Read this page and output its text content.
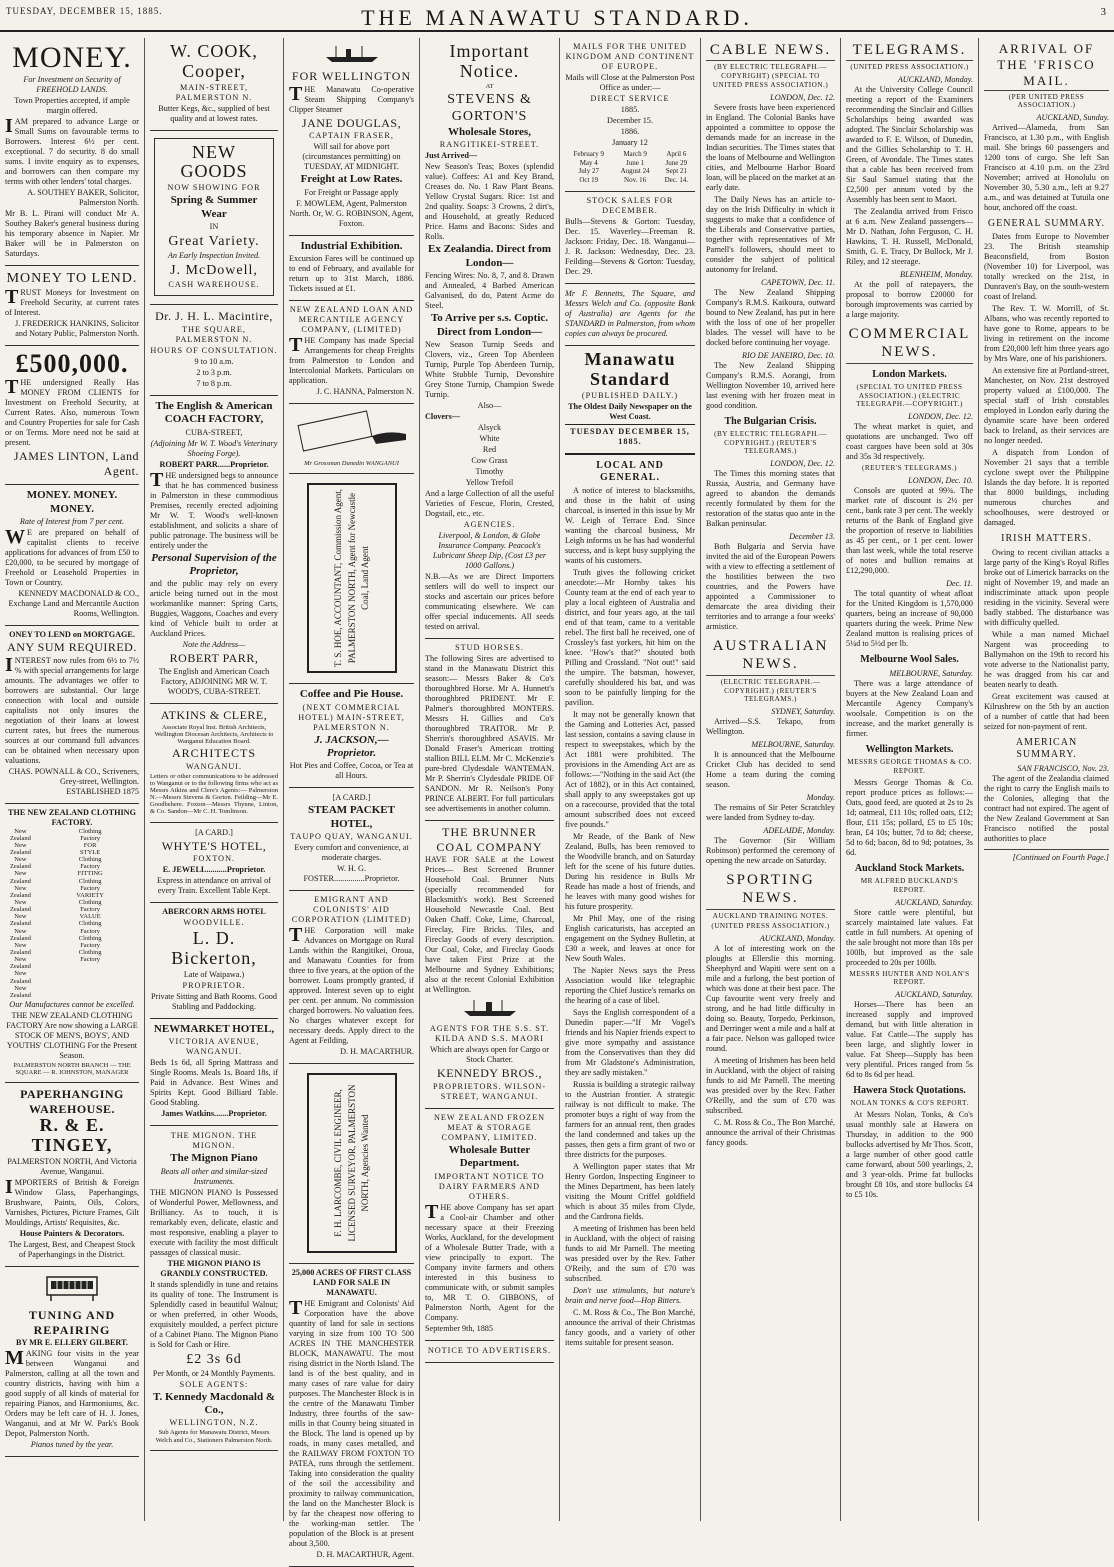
TUESDAY, DECEMBER 15, 1885.	THE MANAWATU STANDARD.	3
MONEY.

For Investment on Security of FREEHOLD LANDS.

Town Properties accepted, if ample margin offered.

IAM prepared to advance Large or Small Sums on favourable terms to Borrowers. Interest 6½ per cent. exceptional. 7 do security. 8 do small sums. I invite enquiry as to expenses, and borrowers can then compare my terms with other lenders' total charges.

A. SOUTHEY BAKER, Solicitor, Palmerston North.

Mr B. L. Pirani will conduct Mr A. Southey Baker's general business during his temporary absence in Napier. Mr Baker will be in Palmerston on Saturdays.

MONEY TO LEND.

TRUST Moneys for Investment on Freehold Security, at current rates of Interest.

J. FREDERICK HANKINS, Solicitor and Notary Public, Palmerston North.

£500,000.

THE undersigned Really Has MONEY FROM CLIENTS for Investment on Freehold Security, at Current Rates. Also, numerous Town and Country Properties for sale for Cash or on Terms. More need not be said at present.

JAMES LINTON, Land Agent.

MONEY. MONEY. MONEY.

Rate of Interest from 7 per cent.

WE are prepared on behalf of capitalist clients to receive applications for advances of from £50 to £20,000, to be secured by mortgage of Freehold or Leasehold Properties in Town or Country.

KENNEDY MACDONALD & CO., Exchange Land and Mercantile Auction Rooms, Wellington.

ONEY TO LEND on MORTGAGE.
ANY SUM REQUIRED.

INTEREST now rules from 6½ to 7½ % with special arrangements for large amounts. The advantages we offer to borrowers are substantial. Our large connection with local and outside capitalists not only insures the negotiation of their loans at lowest current rates, but frees the numerous sources at our command full advances can be obtained when necessary upon valuations.

CHAS. POWNALL & CO., Scriveners, Grey-street, Wellington. ESTABLISHED 1875

THE NEW ZEALAND CLOTHING FACTORY.
New Zealand
New Zealand
New Zealand
New Zealand
New Zealand
New Zealand
New Zealand
New Zealand
New Zealand
New Zealand
New Zealand
New Zealand
Clothing Factory
FOR
STYLE
Clothing Factory
FITTING
Clothing Factory
VARIETY
Clothing Factory
VALUE
Clothing Factory
Clothing Factory
Clothing Factory

Our Manufactures cannot be excelled.

THE NEW ZEALAND CLOTHING FACTORY Are now showing a LARGE STOCK OF MEN'S, BOYS', AND YOUTHS' CLOTHING For the Present Season.

PALMERSTON NORTH BRANCH — THE SQUARE — R. JOHNSTON, MANAGER

PAPERHANGING WAREHOUSE.
R. & E. TINGEY,

PALMERSTON NORTH, And Victoria Avenue, Wanganui.

IMPORTERS of British & Foreign Window Glass, Paperhangings, Brushware, Paints, Oils, Colors, Varnishes, Pictures, Picture Frames, Gilt Mouldings, Artists' Requisites, &c.

House Painters & Decorators.

The Largest, Best, and Cheapest Stock of Paperhangings in the District.

TUNING AND REPAIRING

BY MR E. ELLERY GILBERT.

MAKING four visits in the year between Wanganui and Palmerston, calling at all the town and country districts, having with him a good supply of all kinds of material for repairing Pianos, and Harmoniums, &c. Orders may be left care of H. J. Jones, Wanganui, and at Mr W. Park's Book Depot, Palmerston North.

Pianos tuned by the year.

W. COOK,
Cooper,

MAIN-STREET, PALMERSTON N.

Butter Kegs, &c., supplied of best quality and at lowest rates.

NEW GOODS

NOW SHOWING FOR

Spring & Summer Wear

IN

Great Variety.

An Early Inspection Invited.

J. McDowell,

CASH WAREHOUSE.

Dr. J. H. L. Macintire,

THE SQUARE, PALMERSTON N.

HOURS OF CONSULTATION.

9 to 10 a.m.

2 to 3 p.m.

7 to 8 p.m.

The English & American COACH FACTORY,

CUBA-STREET,

(Adjoining Mr W. T. Wood's Veterinary Shoeing Forge).

ROBERT PARR......Proprietor.

THE undersigned begs to announce that he has commenced business in Palmerston in these commodious Premises, recently erected adjoining Mr W. T. Wood's well-known establishment, and solicits a share of public patronage. The business will be entirely under the

Personal Supervision of the Proprietor,

and the public may rely on every article being turned out in the most workmanlike manner: Spring Carts, Buggies, Waggons, Coaches and every kind of Vehicle built to order at Auckland Prices.

Note the Address—

ROBERT PARR,

The English and American Coach Factory, ADJOINING MR W. T. WOOD'S, CUBA-STREET.

ATKINS & CLERE,

Associate Royal Inst. British Architects, Wellington Diocesan Architects, Architects to Wanganui Education Board.

ARCHITECTS

WANGANUI.

Letters or other communications to be addressed to Wanganui or to the following firms who act as Messrs Atkins and Clere's Agents:— Palmerston N.—Messrs Stevens & Gorton. Feilding—Mr E. Goodbehere. Foxton—Messrs Thynne, Linton, & Co. Sandon—Mr C. H. Tomlinson.

[A CARD.]

WHYTE'S HOTEL,

FOXTON.

E. JEWELL..........Proprietor.

Express in attendance on arrival of every Train. Excellent Table Kept.

ABERCORN ARMS HOTEL

WOODVILLE.

L. D. Bickerton,

Late of Waipawa.)

PROPRIETOR.

Private Sitting and Bath Rooms. Good Stabling and Paddocking.

NEWMARKET HOTEL,

VICTORIA AVENUE, WANGANUI.

Beds 1s 6d, all Spring Mattrass and Single Rooms. Meals 1s. Board 18s, if Paid in Advance. Best Wines and Spirits Kept. Good Billiard Table. Good Stabling.

James Watkins.......Proprietor.

THE MIGNON. THE MIGNON.

The Mignon Piano

Beats all other and similar-sized Instruments.

THE MIGNON PIANO Is Possessed of Wonderful Power, Mellowness, and Brilliancy. As to touch, it is remarkably even, delicate, elastic and most responsive, enabling a player to execute with facility the most difficult passages of classical music.

THE MIGNON PIANO IS GRANDLY CONSTRUCTED.

It stands splendidly in tune and retains its quality of tone. The Instrument is Splendidly cased in beautiful Walnut; or when preferred, in other Woods, exquisitely moulded, a perfect picture of a Cabinet Piano. The Mignon Piano is Sold for Cash or Hire.

£2 3s 6d

Per Month, or 24 Monthly Payments.

SOLE AGENTS:

T. Kennedy Macdonald & Co.,

WELLINGTON, N.Z.

Sub Agents for Manawatu District, Messrs Welch and Co., Stationers Palmerston North.

FOR WELLINGTON

THE Manawatu Co-operative Steam Shipping Company's Clipper Steamer

JANE DOUGLAS,

CAPTAIN FRASER,

Will sail for above port (circumstances permitting) on TUESDAY, AT MIDNIGHT.

Freight at Low Rates.

For Freight or Passage apply

F. MOWLEM, Agent, Palmerston North. Or, W. G. ROBINSON, Agent, Foxton.

Industrial Exhibition.

Excursion Fares will be continued up to end of February, and available for return up to 31st March, 1886. Tickets issued at £1.

NEW ZEALAND LOAN AND MERCANTILE AGENCY COMPANY, (LIMITED)

THE Company has made Special Arrangements for cheap Freights from Palmerston to London and Intercolonial Markets. Particulars on application.

J. C. HANNA, Palmerston N.

Mr Grossman Dunedin WANGANUI

T. S. HOE, ACCOUNTANT, Commission Agent, PALMERSTON NORTH, Agent for Newcastle Coal, Land Agent
Coffee and Pie House.

(NEXT COMMERCIAL HOTEL) MAIN-STREET, PALMERSTON N.

J. JACKSON,— Proprietor.

Hot Pies and Coffee, Cocoa, or Tea at all Hours.

[A CARD.]

STEAM PACKET HOTEL,

TAUPO QUAY, WANGANUI.

Every comfort and convenience, at moderate charges.

W. H. G. FOSTER...............Proprietor.

EMIGRANT AND COLONISTS' AID CORPORATION (LIMITED)

THE Corporation will make Advances on Mortgage on Rural Lands within the Rangitikei, Oroua, and Manawatu Counties for from three to five years, at the option of the borrower. Loans promptly granted, if approved. Interest seven up to eight per cent. per annum. No commission charged borrowers. No valuation fees. No charges whatever except for necessary deeds. Apply direct to the Agent at Feilding,

D. H. MACARTHUR.

F. H. LARCOMBE, CIVIL ENGINEER, LICENSED SURVEYOR, PALMERSTON NORTH, Agencies Wanted
25,000 ACRES OF FIRST CLASS LAND FOR SALE IN MANAWATU.

THE Emigrant and Colonists' Aid Corporation have the above quantity of land for sale in sections varying in size from 100 TO 500 ACRES IN THE MANCHESTER BLOCK, MANAWATU. The most rising district in the North Island. The land is of the best quality, and in many cases of rare value for dairy purposes. The Manchester Block is in the centre of the Manawatu Timber Industry, three fourths of the saw-mills in that County being situated in the Block. The land is opened up by roads, in many cases metalled, and the RAILWAY FROM FOXTON TO PATEA, runs through the settlement. Taking into consideration the quality of the soil the accessibility and proximity to railway communication, the land on the Manchester Block is by far the cheapest now offering to the working-man settler. The population of the Block is at present about 3,500.

D. H. MACARTHUR, Agent.

Important Notice.

AT

STEVENS & GORTON'S

Wholesale Stores,

RANGITIKEI-STREET.

Just Arrived—

New Season's Teas; Boxes (splendid value). Coffees: A1 and Key Brand, Creases do. No. 1 Raw Plant Beans. Yellow Crystal Sugars. Rice: 1st and 2nd quality. Soaps: 3 Crowns, 2 dirt's, and Household, at greatly Reduced Price. Hams and Bacons: Sides and Rolls.

Ex Zealandia. Direct from London—

Fencing Wires: No. 8, 7, and 8. Drawn and Annealed, 4 Barbed American Galvanised, do do, Patent Acme do Steel.

To Arrive per s.s. Coptic. Direct from London—

New Season Turnip Seeds and Clovers, viz., Green Top Aberdeen Turnip, Purple Top Aberdeen Turnip, White Stubble Turnip, Devonshire Grey Stone Turnip, Champion Swede Turnip.

Also—

Clovers—

Alsyck

White

Red

Cow Grass

Timothy

Yellow Trefoil

And a large Collection of all the useful Varieties of Fescue, Florin, Crested, Dogstail, etc., etc.

AGENCIES.

Liverpool, & London, & Globe Insurance Company. Peacock's Lubricant Sheep Dip, (Cost £3 per 1000 Gallons.)

N.B.—As we are Direct Importers settlers will do well to inspect our stocks and ascertain our prices before communicating elsewhere. We can offer special inducements. All seeds tested on arrival.

STUD HORSES.

The following Sires are advertised to stand in the Manawatu District this season:— Messrs Baker & Co's thoroughbred Horse. Mr A. Hunnett's thoroughbred PRIDENT. Mr F. Palmer's thoroughbred MONTERS. Messrs H. Gillies and Co's thoroughbred TRAITOR. Mr P. Sherrin's thoroughbred ASAVIS. Mr Donald Fraser's American trotting stallion BILL ELM. Mr C. McKenzie's pure-bred Clydesdale WANTEMAN. Mr P. Sherrin's Clydesdale PRIDE OF SANDON. Mr R. Neilson's Pony PRINCE ALBERT. For full particulars see advertisements in another column.

THE BRUNNER COAL COMPANY

HAVE FOR SALE at the Lowest Prices— Best Screened Brunner Household Coal. Brunner Nuts (specially recommended for Blacksmith's work). Best Screened Household Newcastle Coal. Best Oaken Chaff. Coke, Lime, Charcoal, Fireclay, Fire Bricks. Tiles, and Fireclay Goods of every description. Our Coal, Coke, and Fireclay Goods have taken First Prize at the Melbourne and Sydney Exhibitions; also at the recent Colonial Exhibition at Wellington.

AGENTS FOR THE S.S. ST. KILDA AND S.S. MAORI

Which are always open for Cargo or Stock Charter.

KENNEDY BROS.,

PROPRIETORS. WILSON-STREET, WANGANUI.

NEW ZEALAND FROZEN MEAT & STORAGE COMPANY, LIMITED.

Wholesale Butter Department.

IMPORTANT NOTICE TO DAIRY FARMERS AND OTHERS.

THE above Company has set apart a Cool-air Chamber and other necessary space at their Freezing Works, Auckland, for the development of a Wholesale Butter Trade, with a view principally to export. The Company invite farmers and others interested in this business to communicate with, or submit samples to, MR T. O. GIBBONS, of Palmerston North, Agent for the Company.

September 9th, 1885

NOTICE TO ADVERTISERS.

MAILS FOR THE UNITED KINGDOM AND CONTINENT OF EUROPE.

Mails will Close at the Palmerston Post Office as under:—

DIRECT SERVICE

1885.

December 15.

1886.

January 12

February 9	March 9	April 6
May 4	June 1	June 29
July 27	August 24	Sept 21
Oct 19	Nov. 16	Dec. 14.
STOCK SALES FOR DECEMBER.

Bulls—Stevens & Gorton: Tuesday, Dec. 15. Waverley—Freeman R. Jackson: Friday, Dec. 18. Wanganui—J. R. Jackson: Wednesday, Dec. 23. Feilding—Stevens & Gorton: Tuesday, Dec. 29.

Mr F. Bennetts, The Square, and Messrs Welch and Co. (opposite Bank of Australia) are Agents for the STANDARD in Palmerston, from whom copies can always be procured.

Manawatu Standard

(PUBLISHED DAILY.)

The Oldest Daily Newspaper on the West Coast.

TUESDAY DECEMBER 15, 1885.

LOCAL AND GENERAL.

A notice of interest to blacksmiths, and those in the habit of using charcoal, is inserted in this issue by Mr W. Leigh of Terrace End. Since wanting the charcoal business, Mr Leigh informs us he has had wonderful success, and is kept busy supplying the wants of his customers.

Truth gives the following cricket anecdote:—Mr Hornby takes his County team at the end of each year to play a local eighteen of Australia and district, and four years ago, at the tail end of that team, came to a veritable rebel. The first ball he received, one of Crossley's fast yorkers, hit him on the knee. "How's that?" shouted both Pilling and Crossland. "Not out!" said the umpire. The batsman, however, carefully shouldered his bat, and was soon to be painfully limping for the pavilion.

It may not be generally known that the Gaming and Lotteries Act, passed last session, contains a saving clause in respect to sweepstakes, which by the Act 1881 were prohibited. The provisions in the Amending Act are as follows:—"Nothing in the said Act (the Act of 1882), or in this Act contained, shall apply to any sweepstakes got up on a racecourse, provided that the total amount subscribed does not exceed five pounds."

Mr Reade, of the Bank of New Zealand, Bulls, has been removed to the Woodville branch, and on Saturday left for the scene of his future duties. During his residence in Bulls Mr Reade has made a host of friends, and he leaves with many good wishes for his future prosperity.

Mr Phil May, one of the rising English caricaturists, has accepted an engagement on the Sydney Bulletin, at £30 a week, and leaves at once for New South Wales.

The Napier News says the Press Association would like telegraphic reporting the Chief Justice's remarks on the hearing of a case of libel.

Says the English correspondent of a Dunedin paper:—"If Mr Vogel's friends and his Napier friends expect to give more sympathy and assistance from the Conservatives than they did from Mr Gladstone's Administration, they are sadly mistaken."

Russia is building a strategic railway to the Austrian frontier. A strategic railway is not difficult to make. The promoter buys a right of way from the farmers for an annual rent, then grades the land condemned and takes up the passes, then gets a firm grant of two or three districts for the purposes.

A Wellington paper states that Mr Henry Gordon, Inspecting Engineer to the Mines Department, has been lately visiting the Mount Criffel goldfield which is about 35 miles from Clyde, and the Cardrona fields.

A meeting of Irishmen has been held in Auckland, with the object of raising funds to aid Mr Parnell. The meeting was presided over by the Rev. Father O'Reily, and the sum of £70 was subscribed.

Don't use stimulants, but nature's brain and nerve food—Hop Bitters.

C. M. Ross & Co., The Bon Marché, announce the arrival of their Christmas fancy goods, and a variety of other items suitable for present season.

CABLE NEWS.
(BY ELECTRIC TELEGRAPH.—COPYRIGHT) (SPECIAL TO UNITED PRESS ASSOCIATION.)
LONDON, Dec. 12.

Severe frosts have been experienced in England. The Colonial Banks have appointed a committee to oppose the demands made for an increase in the Indian securities. The Times states that the loans of Melbourne and Wellington cities, and Melbourne Harbor Board loan, will be placed on the market at an early date.

The Daily News has an article to-day on the Irish Difficulty in which it suggests to make that a confidence of the Liberals and Conservative parties, together with representatives of Mr Parnell's followers, should meet to consider the subject of political autonomy for Ireland.

CAPETOWN, Dec. 11.

The New Zealand Shipping Company's R.M.S. Kaikoura, outward bound to New Zealand, has put in here with the loss of one of her propeller blades. The vessel will have to be docked before continuing her voyage.

RIO DE JANEIRO, Dec. 10.

The New Zealand Shipping Company's R.M.S. Aorangi, from Wellington November 10, arrived here last evening with her frozen meat in good condition.

The Bulgarian Crisis.
(BY ELECTRIC TELEGRAPH.—COPYRIGHT.) (REUTER'S TELEGRAMS.)
LONDON, Dec. 12.

The Times this morning states that Russia, Austria, and Germany have agreed to abandon the demands recently formulated by them for the restoration of the status quo ante in the Balkan peninsular.

December 13.

Both Bulgaria and Servia have invited the aid of the European Powers with a view to effecting a settlement of the hostilities between the two countries, and the Powers have appointed a Commissioner to demarcate the area dividing their territories and to arrange a four weeks' armistice.

AUSTRALIAN NEWS.
(ELECTRIC TELEGRAPH.—COPYRIGHT.) (REUTER'S TELEGRAMS.)
SYDNEY, Saturday.

Arrived—S.S. Tekapo, from Wellington.

MELBOURNE, Saturday.

It is announced that the Melbourne Cricket Club has decided to send Home a team during the coming season.

Monday.

The remains of Sir Peter Scratchley were landed from Sydney to-day.

ADELAIDE, Monday.

The Governor (Sir William Robinson) performed the ceremony of opening the new arcade on Saturday.

SPORTING NEWS.
AUCKLAND TRAINING NOTES.
(UNITED PRESS ASSOCIATION.)
AUCKLAND, Monday.

A lot of interesting work on the ploughs at Ellerslie this morning. Sheephyrd and Wapiti were sent on a mile and a furlong, the best portion of which was done at their best pace. The Cup favourite went very freely and strong, and he had little difficulty in doing so. Beauty, Torpedo, Perkinson, and Derringer went a mile and a half at a fair pace. Nelson was galloped twice round.

A meeting of Irishmen has been held in Auckland, with the object of raising funds to aid Mr Parnell. The meeting was presided over by the Rev. Father O'Reilly, and the sum of £70 was subscribed.

C. M. Ross & Co., The Bon Marché, announce the arrival of their Christmas fancy goods.

TELEGRAMS.
(UNITED PRESS ASSOCIATION.)
AUCKLAND, Monday.

At the University College Council meeting a report of the Examiners recommending the Sinclair and Gillies Scholarships being awarded was adopted. The Sinclair Scholarship was awarded to F. E. Wilson, of Dunedin, and the Gillies Scholarship to T. H. Green, of Avondale. The Times states that a cable has been received from Sir Saul Samuel stating that the £2,500 per annum voted by the Assembly has been sent to Maori.

The Zealandia arrived from Frisco at 6 a.m. New Zealand passengers—Mr D. Nathan, John Ferguson, C. H. Hawkins, T. H. Russell, McDonald, Smith, G. E. Tracy, Dr Bullock, Mr J. Riley, and 12 steerage.

BLENHEIM, Monday.

At the poll of ratepayers, the proposal to borrow £20000 for borough improvements was carried by a large majority.

COMMERCIAL NEWS.
London Markets.
(SPECIAL TO UNITED PRESS ASSOCIATION.) (ELECTRIC TELEGRAPH.—COPYRIGHT.)
LONDON, Dec. 12.

The wheat market is quiet, and quotations are unchanged. Two off coast cargoes have been sold at 30s and 35s 3d respectively.

(REUTER'S TELEGRAMS.)
LONDON, Dec. 10.

Consols are quoted at 99¾. The market rate of discount is 2½ per cent., bank rate 3 per cent. The weekly returns of the Bank of England give the proportion of reserve to liabilities as 45 per cent., or 1 per cent. lower than last week, while the total reserve of notes and bullion remains at £12,290,000.

Dec. 11.

The total quantity of wheat afloat for the United Kingdom is 1,570,000 quarters, being an increase of 90,000 quarters during the week. Prime New Zealand mutton is realising prices of 5¼d to 5½d per lb.

Melbourne Wool Sales.
MELBOURNE, Saturday.

There was a large attendance of buyers at the New Zealand Loan and Mercantile Agency Company's woolsale. Competition is on the increase, and the market generally is firmer.

Wellington Markets.
MESSRS GEORGE THOMAS & CO. REPORT.

Messrs George Thomas & Co. report produce prices as follows:—Oats, good feed, are quoted at 2s to 2s 1d; oatmeal, £11 10s; rolled oats, £12; flour, £11 15s; pollard, £5 to £5 10s; bran, £4 10s; butter, 7d to 8d; cheese, 5d to 6d; bacon, 8d to 9d; potatoes, 3s 6d.

Auckland Stock Markets.
MR ALFRED BUCKLAND'S REPORT.
AUCKLAND, Saturday.

Store cattle were plentiful, but scarcely maintained late values. Fat cattle in full numbers. At opening of the sale brought not more than 18s per 100lb, but improved as the sale proceeded to 20s per 100lb.

MESSRS HUNTER AND NOLAN'S REPORT.
AUCKLAND, Saturday.

Horses—There has been an increased supply and improved demand, but with little alteration in value. Fat Cattle—The supply has been large, and slightly lower in value. Fat Sheep—Supply has been very plentiful. Prices ranged from 5s 6d to 8s 6d per head.

Hawera Stock Quotations.
NOLAN TONKS & CO'S REPORT.

At Messrs Nolan, Tonks, & Co's usual monthly sale at Hawera on Thursday, in addition to the 900 bullocks advertised by Mr Thos. Scott, a large number of other good cattle came forward, about 500 yearlings, 2, and 3 year-olds. Prime fat bullocks brought £8 10s, and store bullocks £4 to £5 10s.

ARRIVAL OF THE 'FRISCO MAIL.
(PER UNITED PRESS ASSOCIATION.)
AUCKLAND, Sunday.

Arrived—Alameda, from San Francisco, at 1.30 p.m., with English mail. She brings 60 passengers and 1200 tons of cargo. She left San Francisco at 4.10 p.m. on the 23rd November; arrived at Honolulu on November 30, 5.30 a.m., left at 9.27 a.m., and was detained at Tutuila one hour, anchored off the coast.

GENERAL SUMMARY.

Dates from Europe to November 23. The British steamship Beaconsfield, from Boston (November 10) for Liverpool, was totally wrecked on the 21st, in Dunraven's Bay, on the south-western coast of Ireland.

The Rev. T. W. Morrill, of St. Albans, who was recently reported to have gone to Rome, appears to be living in retirement on the income from £20,000 left him three years ago by Mrs Ware, one of his parishioners.

An extensive fire at Portland-street, Manchester, on Nov. 21st destroyed property valued at £100,000. The special staff of Irish constables employed in London early during the dynamite scare have been ordered back to Ireland, as their services are no longer needed.

A dispatch from London of November 21 says that a terrible cyclone swept over the Philippine Islands the day before. It is reported that 8000 buildings, including numerous churches and schoolhouses, were destroyed or damaged.

IRISH MATTERS.

Owing to recent civilian attacks a large party of the King's Royal Rifles broke out of Limerick barracks on the night of November 19, and made an indiscriminate attack upon people residing in the vicinity. Several were badly stabbed. The disturbance was with difficulty quelled.

While a man named Michael Nargent was proceeding to Ballymahon on the 19th to record his vote adverse to the Nationalist party, he was dragged from his car and beaten nearly to death.

Great excitement was caused at Kilrushrew on the 5th by an auction of a number of cattle that had been seized for non-payment of rent.

AMERICAN SUMMARY.
SAN FRANCISCO, Nov. 23.

The agent of the Zealandia claimed the right to carry the English mails to the Colonies, alleging that the contract had not expired. The agent of the New Zealand Government at San Francisco notified the postal authorities to place

[Continued on Fourth Page.]
